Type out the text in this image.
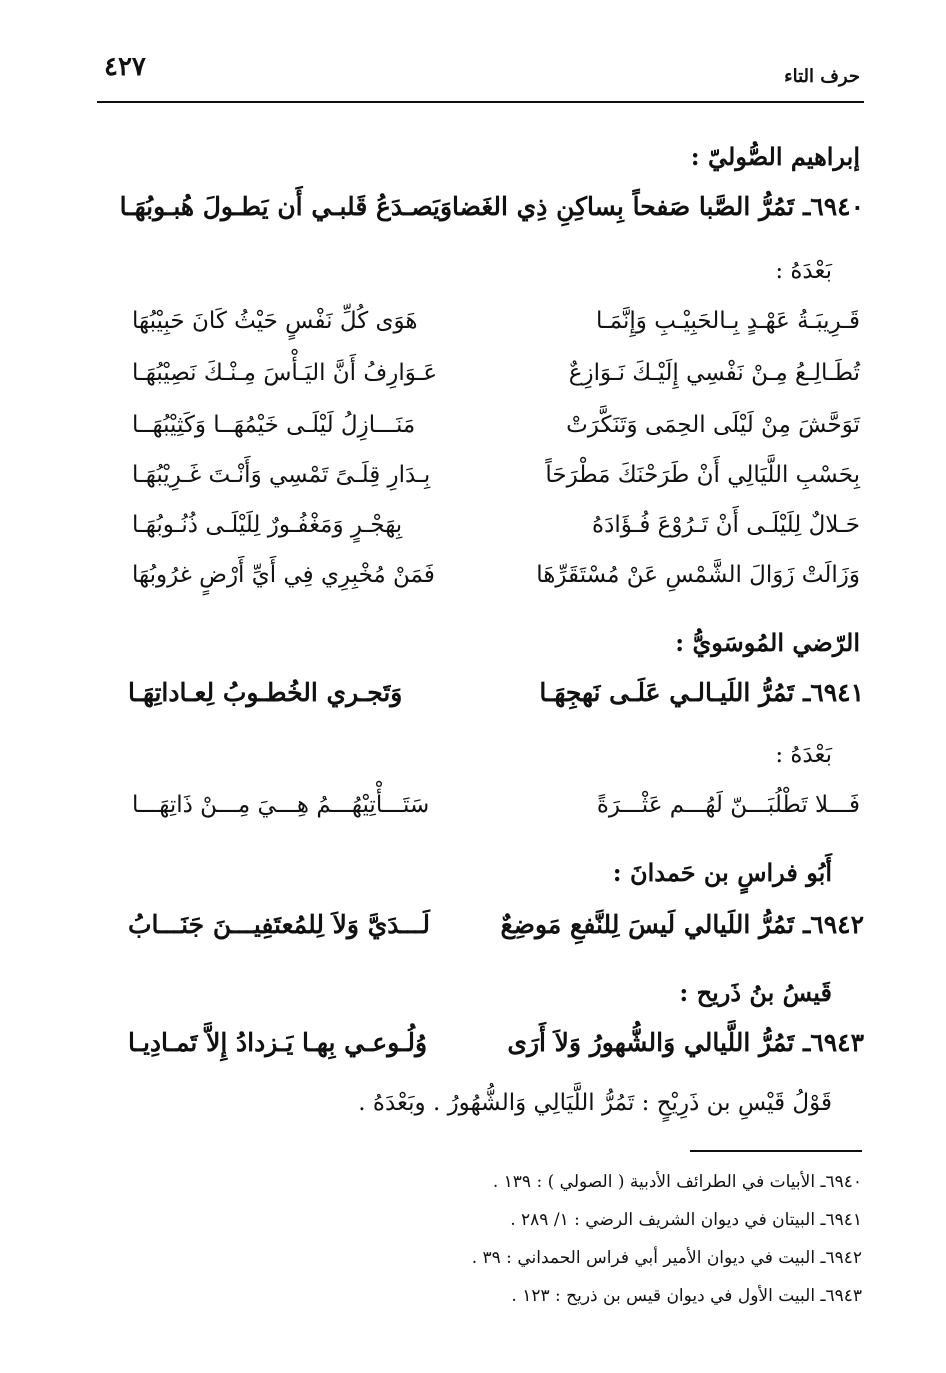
حرف التاء
٤٢٧
إبراهيم الصُّوليّ :
٦٩٤٠ـ تَمُرُّ الصَّبا صَفحاً بِساكِنِ ذِي الغَضا
وَيَصـدَعُ قَلبـي أَن يَطـولَ هُبـوبُهَـا
بَعْدَهُ :
قَـرِيبَـةُ عَهْـدٍ بِـالحَبِيْـبِ وَإِنَّمَـا
هَوَى كُلِّ نَفْسٍ حَيْثُ كَانَ حَبِيْبُهَا
تُطَـالِـعُ مِـنْ نَفْسِي إِلَيْـكَ نَـوَازِعٌ
عَـوَارِفُ أَنَّ اليَـأْسَ مِـنْـكَ نَصِيْبُهَـا
تَوَحَّشَ مِنْ لَيْلَى الحِمَى وَتَنَكَّرَتْ
مَنَـــازِلُ لَيْلَـى خَيْمُهَــا وَكَثِيْبُهَــا
بِحَسْبِ اللَّيَالِي أَنْ طَرَحْنَكَ مَطْرَحَاً
بِـدَارِ قِلَـىً تَمْسِي وَأَنْـتَ غَـرِيْبُهَـا
حَـلالٌ لِلَيْلَـى أَنْ تَـرُوْعَ فُـؤَادَهُ
بِهَجْـرٍ وَمَغْفُـورٌ لِلَيْلَـى ذُنُـوبُهَـا
وَزَالَتْ زَوَالَ الشَّمْسِ عَنْ مُسْتَقَرِّهَا
فَمَنْ مُخْبِرِي فِي أَيِّ أَرْضٍ غرُوبُهَا
الرّضي المُوسَويُّ :
٦٩٤١ـ تَمُرُّ اللَيـالـي عَلَـى نَهجِهَـا
وَتَجـري الخُطـوبُ لِعـاداتِهَـا
بَعْدَهُ :
فَـــلا تَطْلُبَـــنّ لَهُـــم عَثْـــرَةً
سَتَـــأْتِيْهُـــمُ هِـــيَ مِـــنْ ذَاتِهَـــا
أَبُو فراسٍ بن حَمدانَ :
٦٩٤٢ـ تَمُرُّ اللَيالي لَيسَ لِلنَّفعِ مَوضِعٌ
لَـــدَيَّ وَلاَ لِلمُعتَفِيـــنَ جَنَـــابُ
قَيسُ بنُ ذَريح :
٦٩٤٣ـ تَمُرُّ اللَّيالي وَالشُّهورُ وَلاَ أَرَى
وُلُـوعـي بِهـا يَـزدادُ إِلاَّ تَمـادِيـا
قَوْلُ قَيْسِ بن ذَرِيْحٍ : تَمُرُّ اللَّيَالِي وَالشُّهُورُ . وبَعْدَهُ .
٦٩٤٠ـ الأبيات في الطرائف الأدبية ( الصولي ) : ١٣٩ .
٦٩٤١ـ البيتان في ديوان الشريف الرضي : ١/ ٢٨٩ .
٦٩٤٢ـ البيت في ديوان الأمير أبي فراس الحمداني : ٣٩ .
٦٩٤٣ـ البيت الأول في ديوان قيس بن ذريح : ١٢٣ .
